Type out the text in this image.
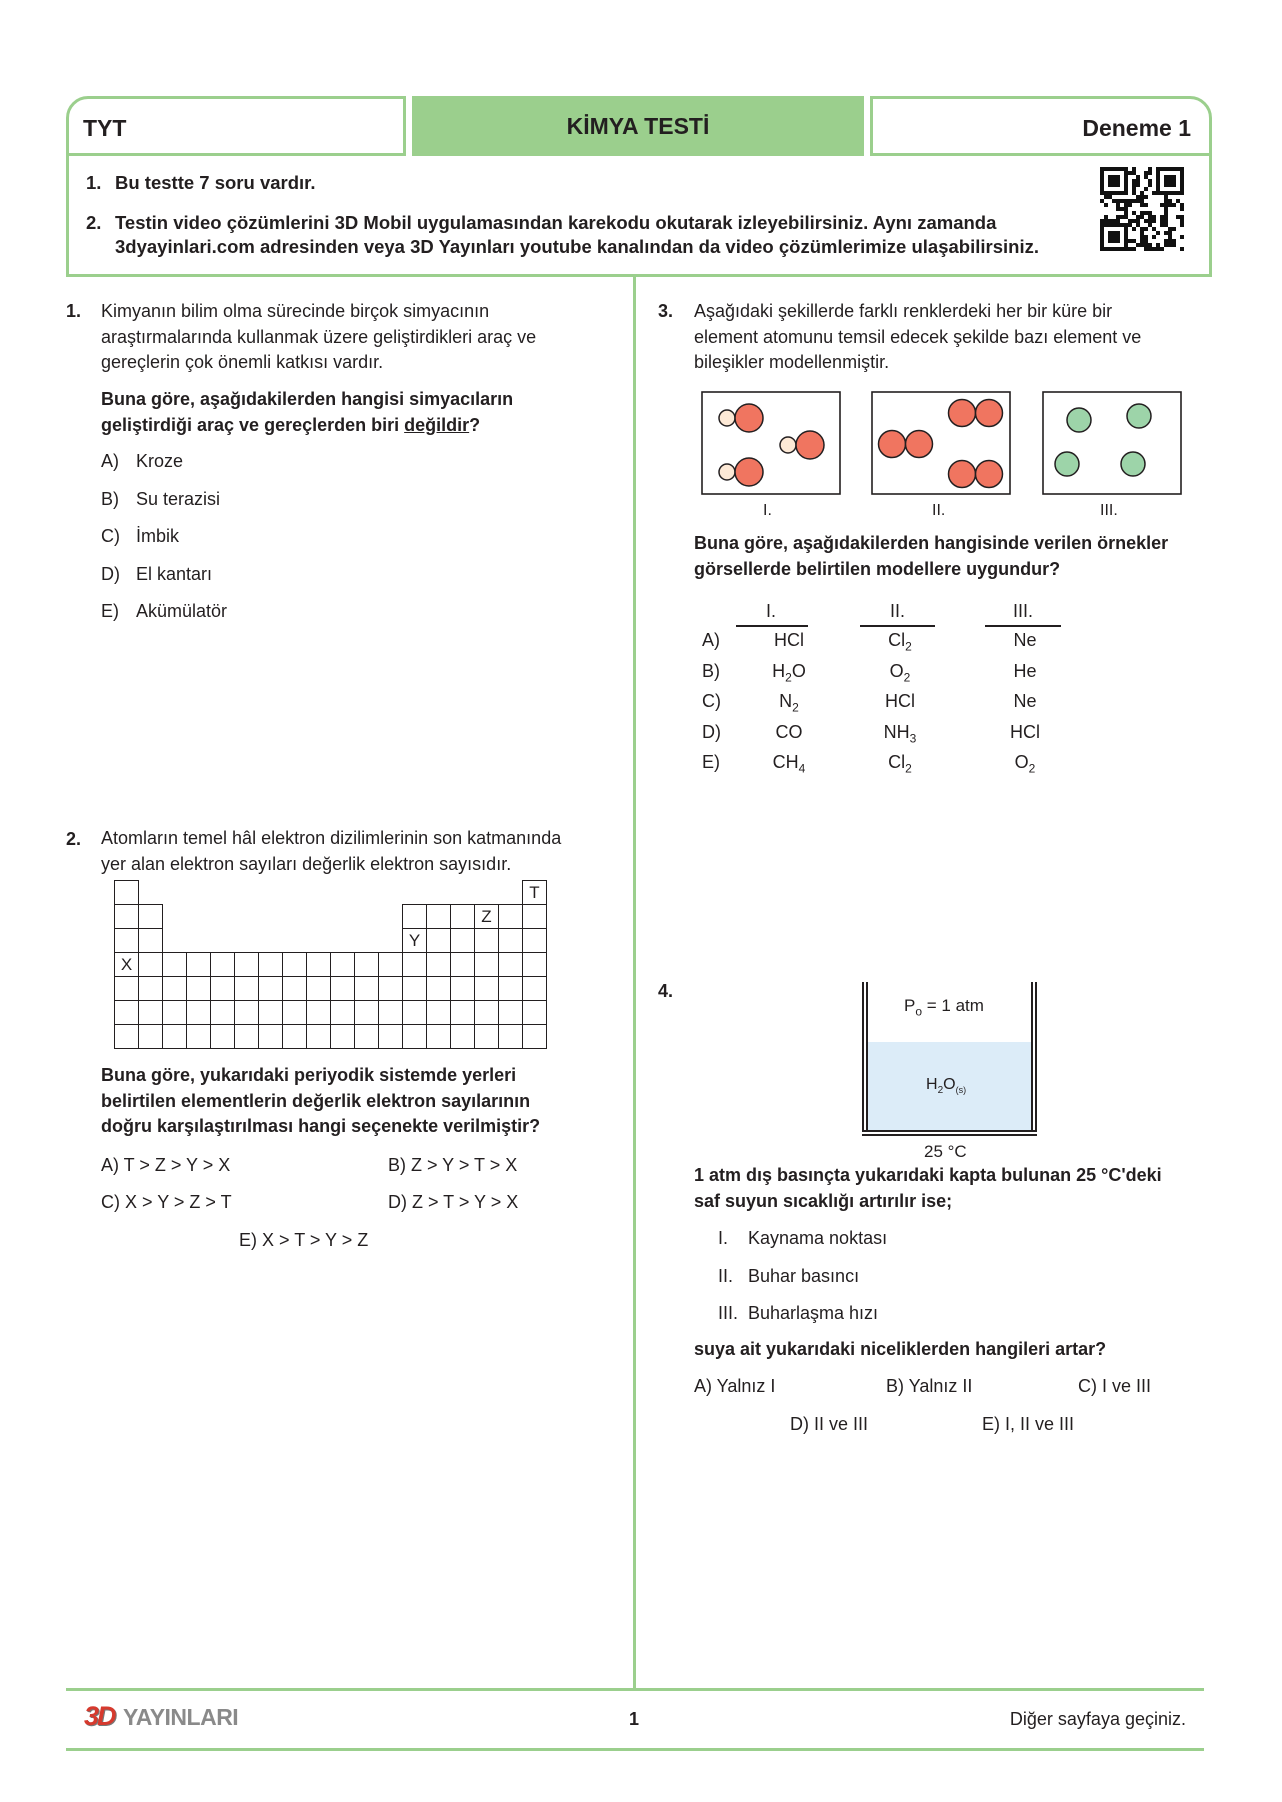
TYT	KİMYA TESTİ	Deneme 1
1. Bu testte 7 soru vardır.
2. Testin video çözümlerini 3D Mobil uygulamasından karekodu okutarak izleyebilirsiniz. Aynı zamanda
3dyayinlari.com adresinden veya 3D Yayınları youtube kanalından da video çözümlerimize ulaşabilirsiniz.
1. Kimyanın bilim olma sürecinde birçok simyacının
araştırmalarında kullanmak üzere geliştirdikleri araç ve
gereçlerin çok önemli katkısı vardır.
Buna göre, aşağıdakilerden hangisi simyacıların
geliştirdiği araç ve gereçlerden biri değildir?
A) Kroze
B) Su terazisi
C) İmbik
D) El kantarı
E) Akümülatör
2. Atomların temel hâl elektron dizilimlerinin son katmanında
yer alan elektron sayıları değerlik elektron sayısıdır.
																	T
															Z		
												Y					
X																	

Buna göre, yukarıdaki periyodik sistemde yerleri
belirtilen elementlerin değerlik elektron sayılarının
doğru karşılaştırılması hangi seçenekte verilmiştir?
A) T > Z > Y > X	B) Z > Y > T > X
C) X > Y > Z > T	D) Z > T > Y > X
E) X > T > Y > Z
3. Aşağıdaki şekillerde farklı renklerdeki her bir küre bir
element atomunu temsil edecek şekilde bazı element ve
bileşikler modellenmiştir.
I.	II.	III.
Buna göre, aşağıdakilerden hangisinde verilen örnekler
görsellerde belirtilen modellere uygundur?
I.	II.	III.
A)	HCl	$Cl_2$	Ne
B)	$H_2O$	$O_2$	He
C)	$N_2$	HCl	Ne
D)	CO	$NH_3$	HCl
E)	$CH_4$	$Cl_2$	$O_2$
4.
$P_o = 1$ atm
$H_2O_{(s)}$
25 °C
1 atm dış basınçta yukarıdaki kapta bulunan 25 °C'deki
saf suyun sıcaklığı artırılır ise;
I. Kaynama noktası
II. Buhar basıncı
III. Buharlaşma hızı
suya ait yukarıdaki niceliklerden hangileri artar?
A) Yalnız I	B) Yalnız II	C) I ve III
D) II ve III	E) I, II ve III
3D YAYINLARI	1	Diğer sayfaya geçiniz.
